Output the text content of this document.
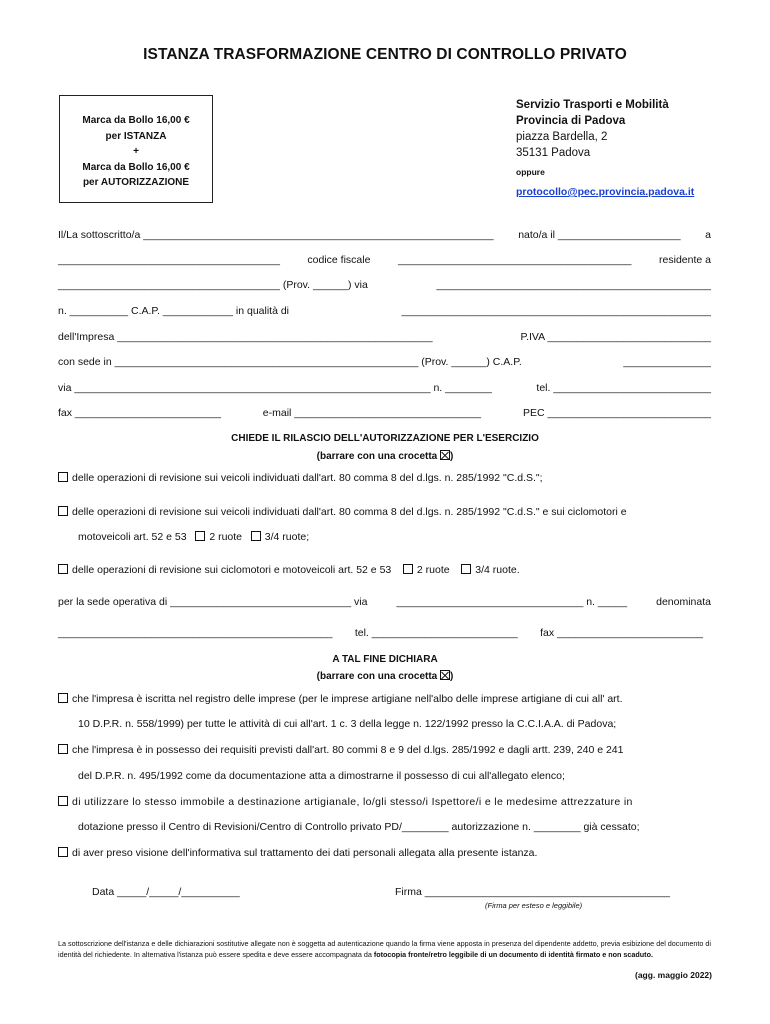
ISTANZA TRASFORMAZIONE CENTRO DI CONTROLLO PRIVATO
Marca da Bollo 16,00 €
per ISTANZA
+
Marca da Bollo 16,00 €
per AUTORIZZAZIONE
Servizio Trasporti e Mobilità
Provincia di Padova
piazza Bardella, 2
35131 Padova
oppure
protocollo@pec.provincia.padova.it
Il/La sottoscritto/a ____________________________________________________________ nato/a il _____________________ a
______________________________________	codice fiscale	________________________________________	residente a
______________________________________ (Prov. ______) via	_______________________________________________
n. __________ C.A.P. ____________ in qualità di	_____________________________________________________
dell'Impresa ______________________________________________________	P.IVA ____________________________
con sede in ____________________________________________________ (Prov. ______) C.A.P.	_______________
via _____________________________________________________________ n. ________	tel. ___________________________
fax _________________________	e-mail ________________________________	PEC ____________________________
CHIEDE IL RILASCIO DELL'AUTORIZZAZIONE PER L'ESERCIZIO
(barrare con una crocetta ☒)
delle operazioni di revisione sui veicoli individuati dall'art. 80 comma 8 del d.lgs. n. 285/1992 "C.d.S.";
delle operazioni di revisione sui veicoli individuati dall'art. 80 comma 8 del d.lgs. n. 285/1992 "C.d.S." e sui ciclomotori e
motoveicoli art. 52 e 53 2 ruote 3/4 ruote;
delle operazioni di revisione sui ciclomotori e motoveicoli art. 52 e 53 2 ruote 3/4 ruote.
per la sede operativa di _______________________________ via	________________________________ n. _____	denominata
_______________________________________________ tel. _________________________ fax _________________________
A TAL FINE DICHIARA
(barrare con una crocetta ☒)
che l'impresa è iscritta nel registro delle imprese (per le imprese artigiane nell'albo delle imprese artigiane di cui all' art.
10 D.P.R. n. 558/1999) per tutte le attività di cui all'art. 1 c. 3 della legge n. 122/1992 presso la C.C.I.A.A. di Padova;
che l'impresa è in possesso dei requisiti previsti dall'art. 80 commi 8 e 9 del d.lgs. 285/1992 e dagli artt. 239, 240 e 241
del D.P.R. n. 495/1992 come da documentazione atta a dimostrarne il possesso di cui all'allegato elenco;
di utilizzare lo stesso immobile a destinazione artigianale, lo/gli stesso/i Ispettore/i e le medesime attrezzature in
dotazione presso il Centro di Revisioni/Centro di Controllo privato PD/________ autorizzazione n. ________ già cessato;
di aver preso visione dell'informativa sul trattamento dei dati personali allegata alla presente istanza.
Data _____/_____/__________	Firma __________________________________________
(Firma per esteso e leggibile)
La sottoscrizione dell'istanza e delle dichiarazioni sostitutive allegate non è soggetta ad autenticazione quando la firma viene apposta in presenza del dipendente addetto, previa esibizione del documento di identità del richiedente. In alternativa l'istanza può essere spedita e deve essere accompagnata da fotocopia fronte/retro leggibile di un documento di identità firmato e non scaduto.
(agg. maggio 2022)
